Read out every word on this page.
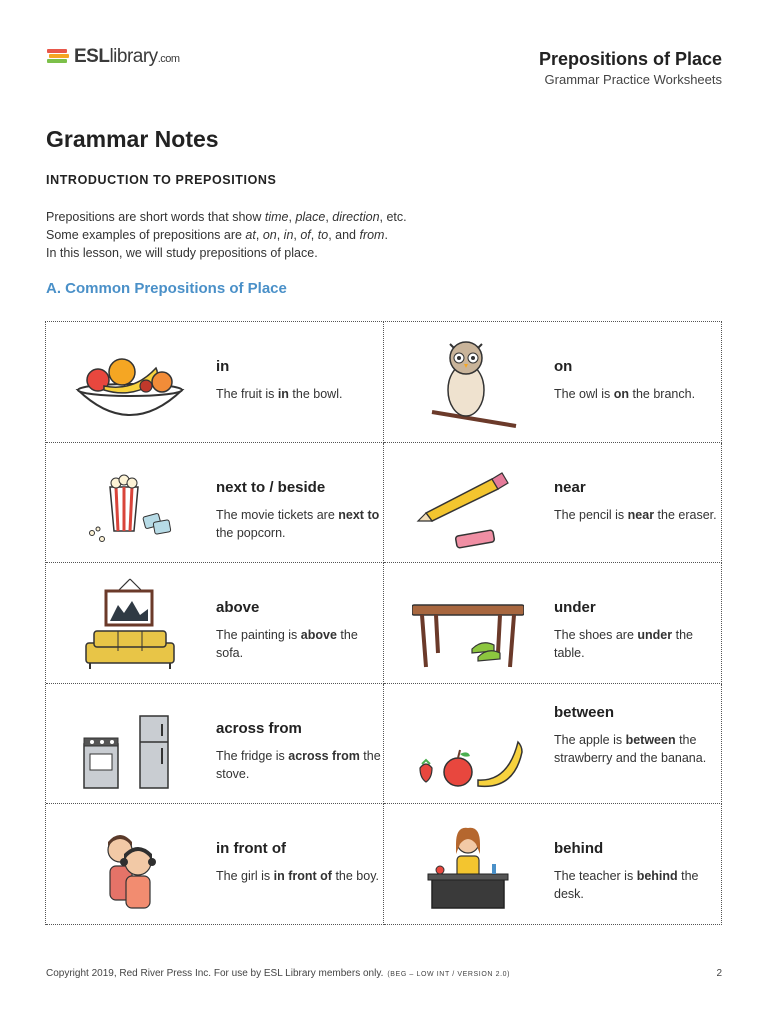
ESLlibrary.com	Prepositions of Place
Grammar Practice Worksheets
Grammar Notes
INTRODUCTION TO PREPOSITIONS

Prepositions are short words that show time, place, direction, etc.

Some examples of prepositions are at, on, in, of, to, and from.

In this lesson, we will study prepositions of place.

A. Common Prepositions of Place
in
The fruit is in the bowl.
on
The owl is on the branch.
next to / beside
The movie tickets are next to the popcorn.
near
The pencil is near the eraser.
above
The painting is above the sofa.
under
The shoes are under the table.
across from
The fridge is across from the stove.
between
The apple is between the strawberry and the banana.
in front of
The girl is in front of the boy.
behind
The teacher is behind the desk.
Copyright 2019, Red River Press Inc. For use by ESL Library members only. (BEG – LOW INT / VERSION 2.0)	2
